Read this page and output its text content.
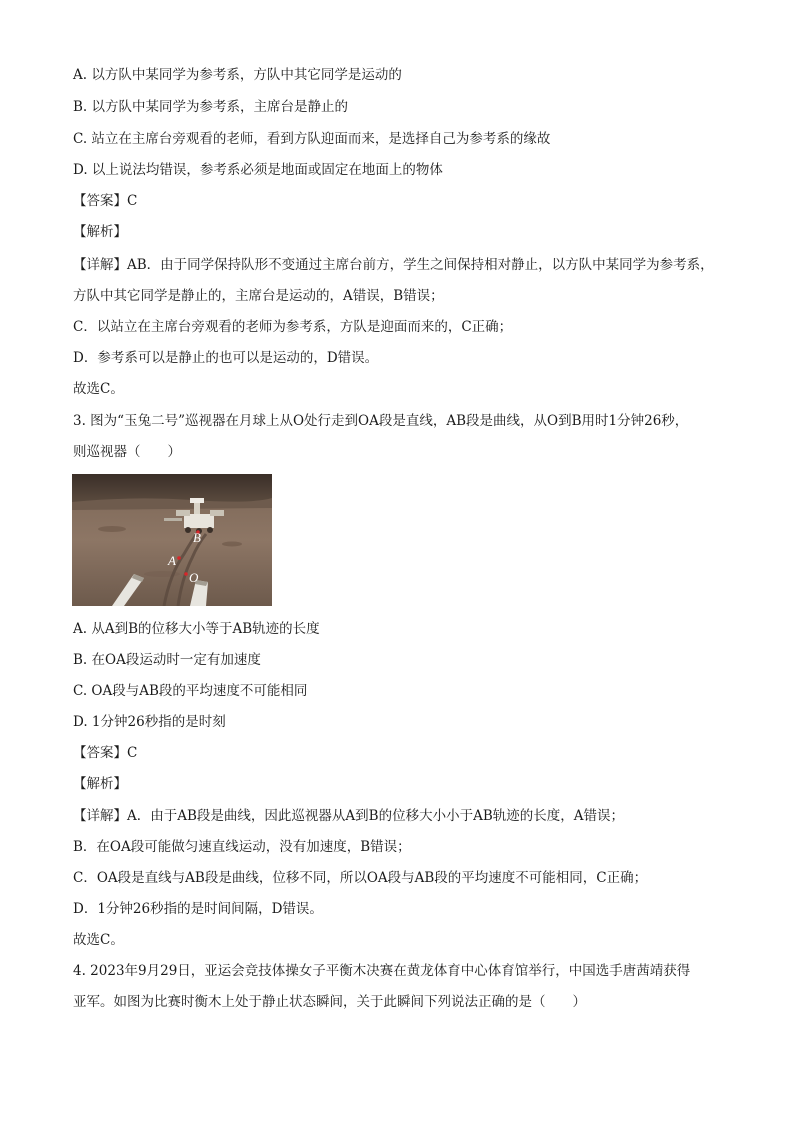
A. 以方队中某同学为参考系，方队中其它同学是运动的
B. 以方队中某同学为参考系，主席台是静止的
C. 站立在主席台旁观看的老师，看到方队迎面而来，是选择自己为参考系的缘故
D. 以上说法均错误，参考系必须是地面或固定在地面上的物体
【答案】C
【解析】
【详解】AB．由于同学保持队形不变通过主席台前方，学生之间保持相对静止，以方队中某同学为参考系，
方队中其它同学是静止的，主席台是运动的，A错误，B错误；
C．以站立在主席台旁观看的老师为参考系，方队是迎面而来的，C正确；
D．参考系可以是静止的也可以是运动的，D错误。
故选C。
3. 图为“玉兔二号”巡视器在月球上从O处行走到OA段是直线，AB段是曲线，从O到B用时1分钟26秒，
则巡视器（　　）
B
A
O
A. 从A到B的位移大小等于AB轨迹的长度
B. 在OA段运动时一定有加速度
C. OA段与AB段的平均速度不可能相同
D. 1分钟26秒指的是时刻
【答案】C
【解析】
【详解】A．由于AB段是曲线，因此巡视器从A到B的位移大小小于AB轨迹的长度，A错误；
B．在OA段可能做匀速直线运动，没有加速度，B错误；
C．OA段是直线与AB段是曲线，位移不同，所以OA段与AB段的平均速度不可能相同，C正确；
D．1分钟26秒指的是时间间隔，D错误。
故选C。
4. 2023年9月29日，亚运会竞技体操女子平衡木决赛在黄龙体育中心体育馆举行，中国选手唐茜靖获得
亚军。如图为比赛时衡木上处于静止状态瞬间，关于此瞬间下列说法正确的是（　　）
